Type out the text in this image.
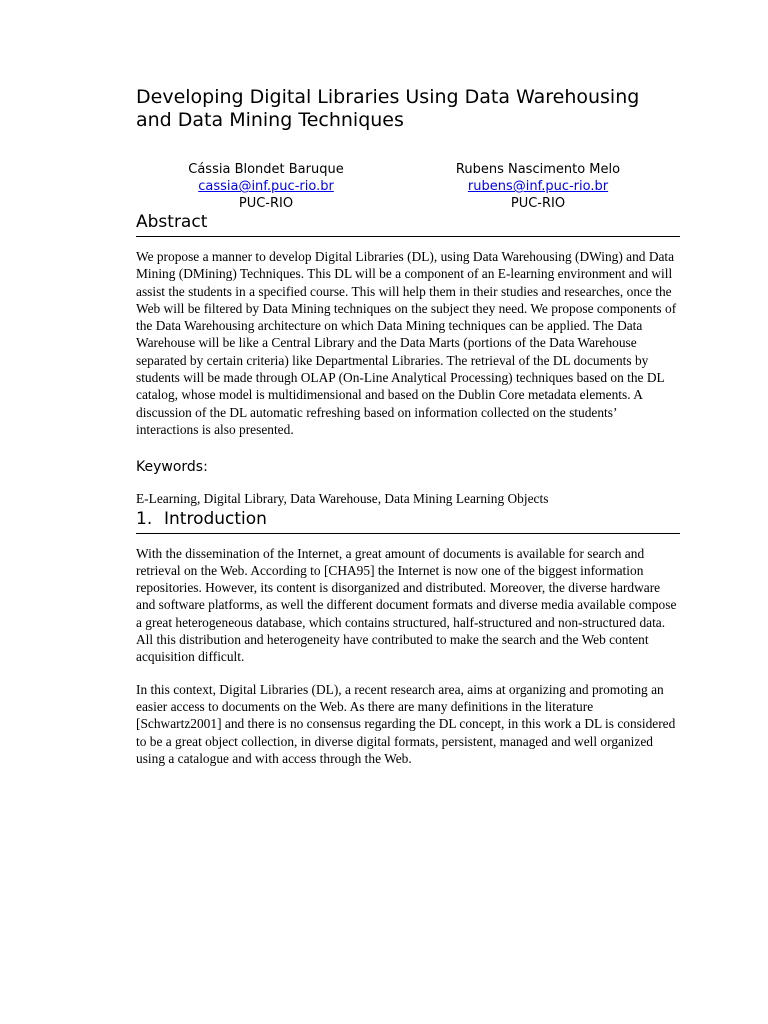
Developing Digital Libraries Using Data Warehousing and Data Mining Techniques
Cássia Blondet Baruque
cassia@inf.puc-rio.br
PUC-RIO
Rubens Nascimento Melo
rubens@inf.puc-rio.br
PUC-RIO
Abstract

We propose a manner to develop Digital Libraries (DL), using Data Warehousing (DWing) and Data Mining (DMining) Techniques. This DL will be a component of an E-learning environment and will assist the students in a specified course. This will help them in their studies and researches, once the Web will be filtered by Data Mining techniques on the subject they need. We propose components of the Data Warehousing architecture on which Data Mining techniques can be applied. The Data Warehouse will be like a Central Library and the Data Marts (portions of the Data Warehouse separated by certain criteria) like Departmental Libraries. The retrieval of the DL documents by students will be made through OLAP (On-Line Analytical Processing) techniques based on the DL catalog, whose model is multidimensional and based on the Dublin Core metadata elements. A discussion of the DL automatic refreshing based on information collected on the students’ interactions is also presented.

Keywords:

E-Learning, Digital Library, Data Warehouse, Data Mining Learning Objects

1. Introduction

With the dissemination of the Internet, a great amount of documents is available for search and retrieval on the Web. According to [CHA95] the Internet is now one of the biggest information repositories. However, its content is disorganized and distributed. Moreover, the diverse hardware and software platforms, as well the different document formats and diverse media available compose a great heterogeneous database, which contains structured, half-structured and non-structured data. All this distribution and heterogeneity have contributed to make the search and the Web content acquisition difficult.

In this context, Digital Libraries (DL), a recent research area, aims at organizing and promoting an easier access to documents on the Web. As there are many definitions in the literature [Schwartz2001] and there is no consensus regarding the DL concept, in this work a DL is considered to be a great object collection, in diverse digital formats, persistent, managed and well organized using a catalogue and with access through the Web.
